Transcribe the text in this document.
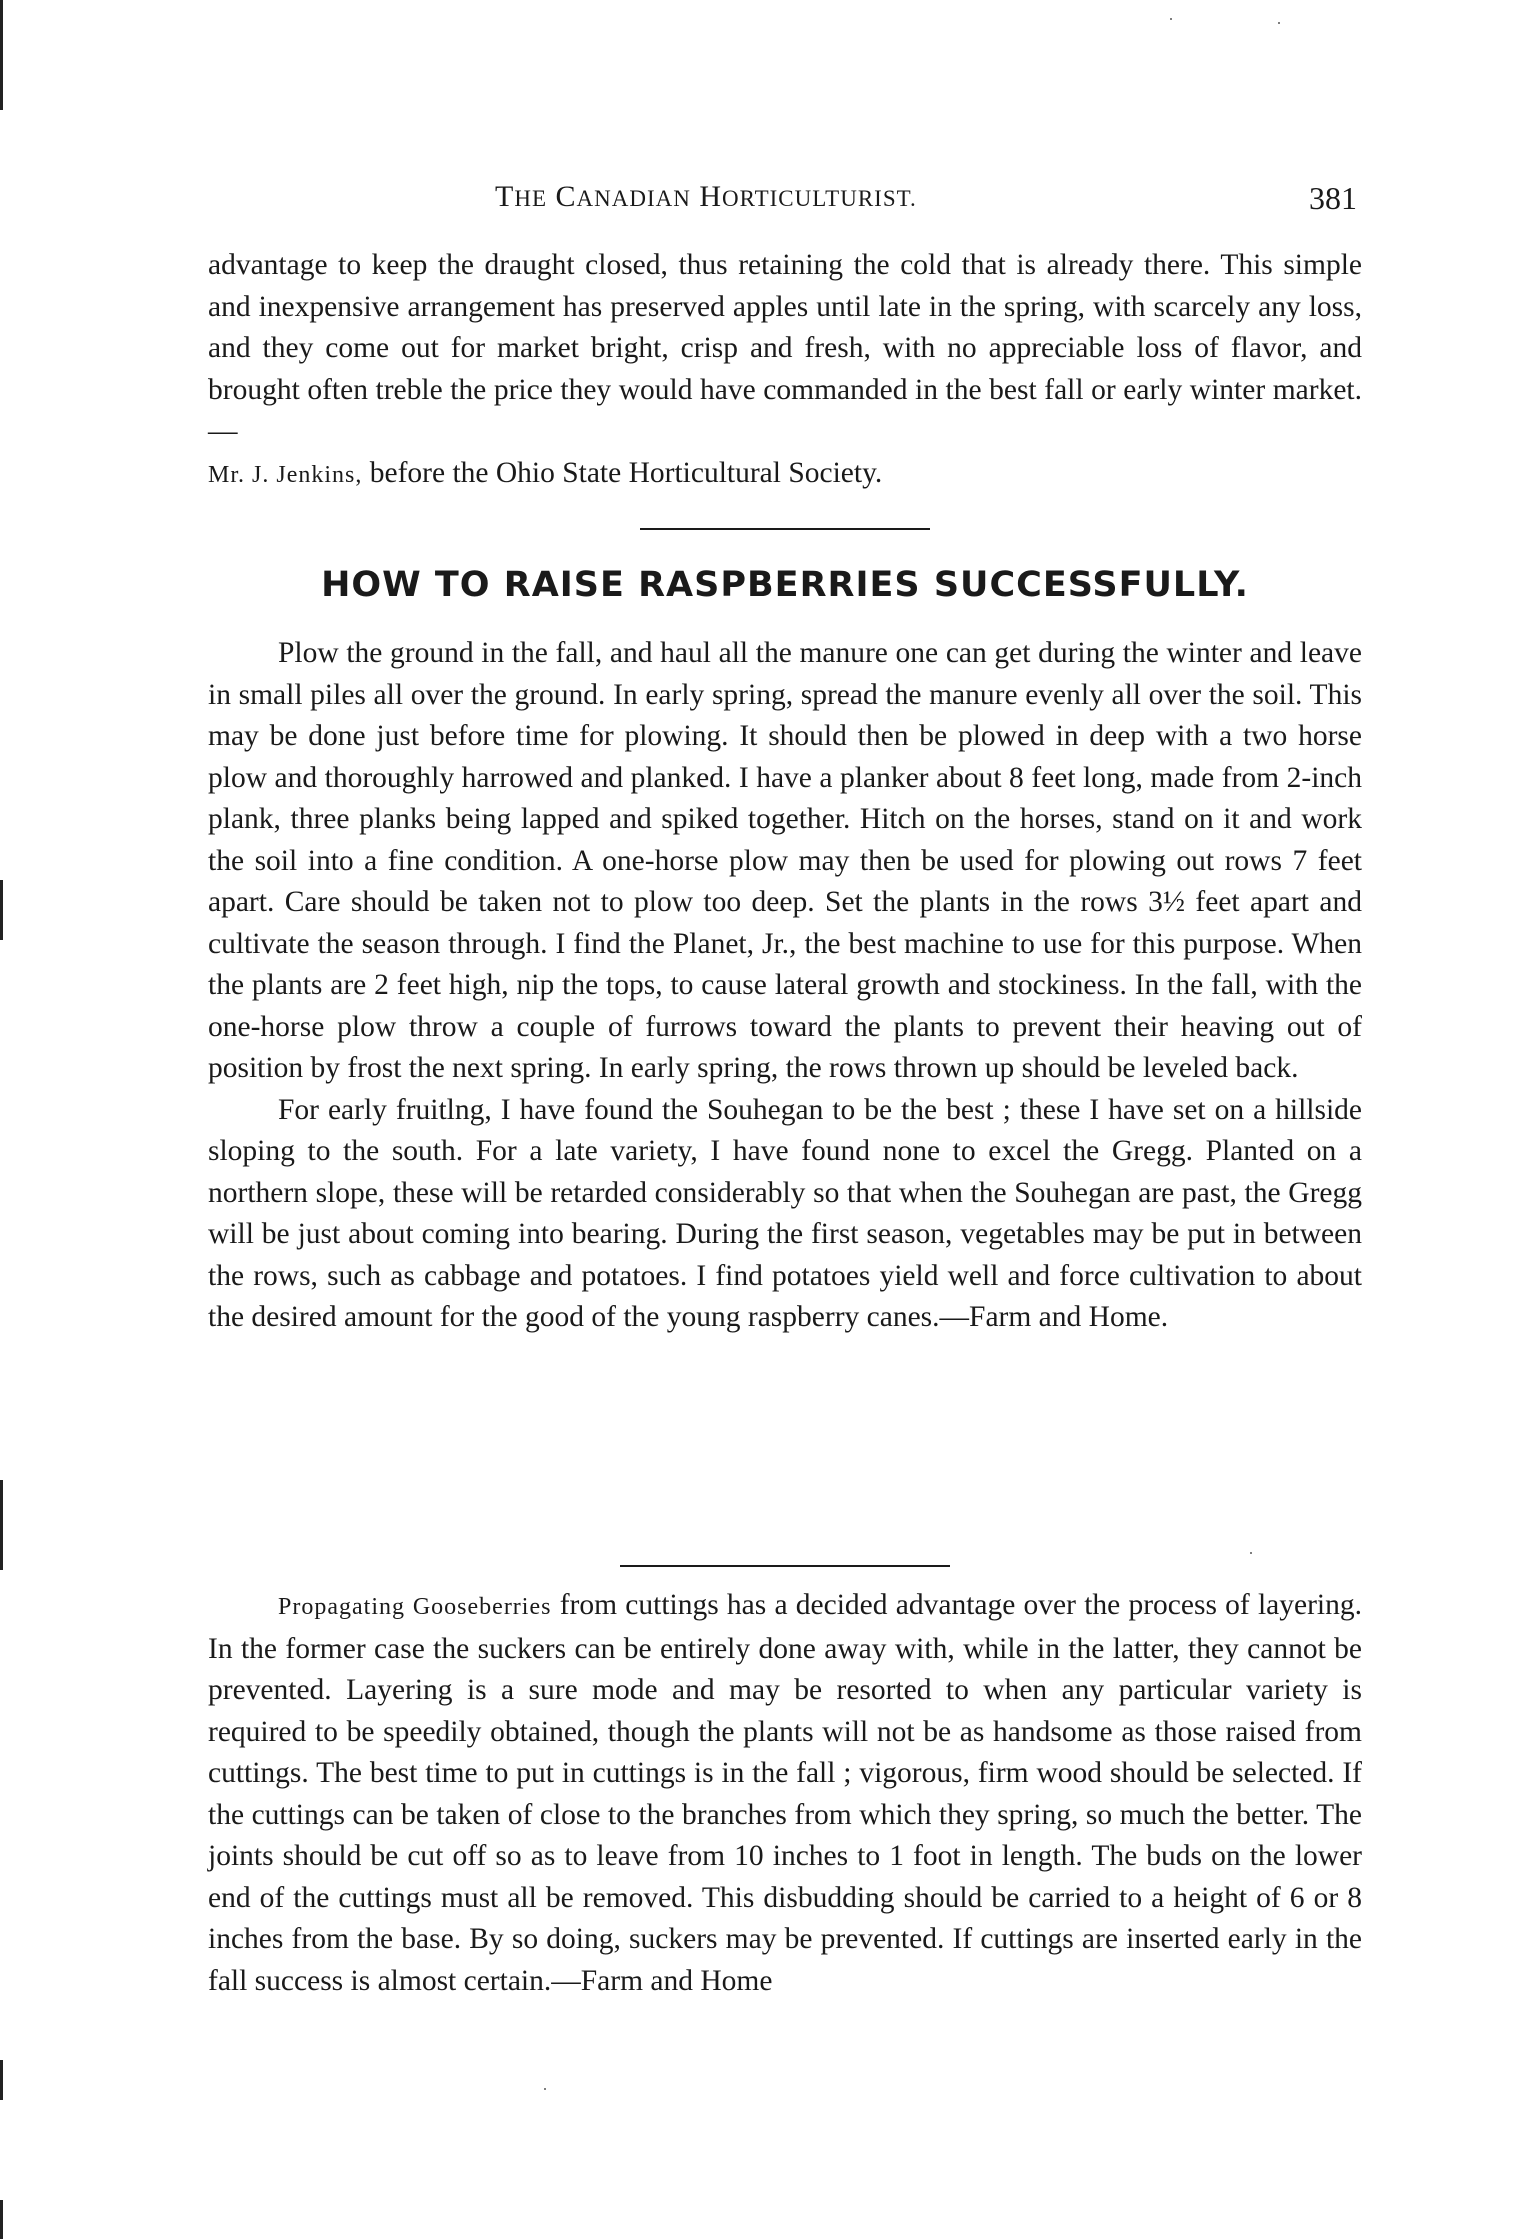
THE CANADIAN HORTICULTURIST.	381

advantage to keep the draught closed, thus retaining the cold that is already there. This simple and inexpensive arrangement has preserved apples until late in the spring, with scarcely any loss, and they come out for market bright, crisp and fresh, with no appreciable loss of flavor, and brought often treble the price they would have commanded in the best fall or early winter market.—
Mr. J. Jenkins, before the Ohio State Horticultural Society.

HOW TO RAISE RASPBERRIES SUCCESSFULLY.

Plow the ground in the fall, and haul all the manure one can get during the winter and leave in small piles all over the ground. In early spring, spread the manure evenly all over the soil. This may be done just before time for plowing. It should then be plowed in deep with a two horse plow and thoroughly harrowed and planked. I have a planker about 8 feet long, made from 2-inch plank, three planks being lapped and spiked together. Hitch on the horses, stand on it and work the soil into a fine condition. A one-horse plow may then be used for plowing out rows 7 feet apart. Care should be taken not to plow too deep. Set the plants in the rows 3½ feet apart and cultivate the season through. I find the Planet, Jr., the best machine to use for this purpose. When the plants are 2 feet high, nip the tops, to cause lateral growth and stockiness. In the fall, with the one-horse plow throw a couple of furrows toward the plants to prevent their heaving out of position by frost the next spring. In early spring, the rows thrown up should be leveled back.

For early fruitlng, I have found the Souhegan to be the best ; these I have set on a hillside sloping to the south. For a late variety, I have found none to excel the Gregg. Planted on a northern slope, these will be retarded considerably so that when the Souhegan are past, the Gregg will be just about coming into bearing. During the first season, vegetables may be put in between the rows, such as cabbage and potatoes. I find potatoes yield well and force cultivation to about the desired amount for the good of the young raspberry canes.—Farm and Home.

Propagating Gooseberries from cuttings has a decided advantage over the process of layering. In the former case the suckers can be entirely done away with, while in the latter, they cannot be prevented. Layering is a sure mode and may be resorted to when any particular variety is required to be speedily obtained, though the plants will not be as handsome as those raised from cuttings. The best time to put in cuttings is in the fall ; vigorous, firm wood should be selected. If the cuttings can be taken of close to the branches from which they spring, so much the better. The joints should be cut off so as to leave from 10 inches to 1 foot in length. The buds on the lower end of the cuttings must all be removed. This disbudding should be carried to a height of 6 or 8 inches from the base. By so doing, suckers may be prevented. If cuttings are inserted early in the fall success is almost certain.—Farm and Home
